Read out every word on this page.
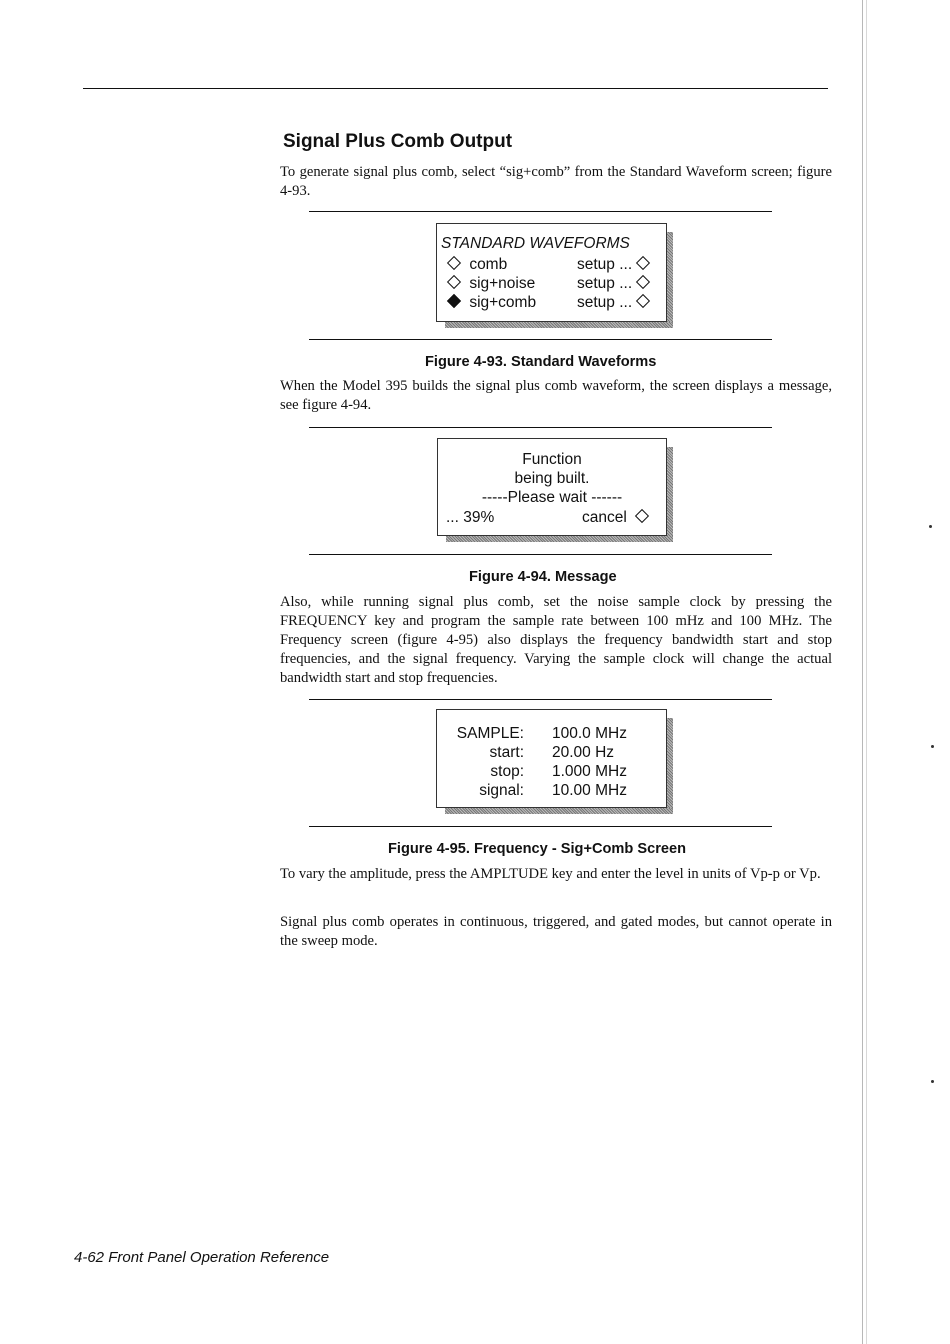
Signal Plus Comb Output

To generate signal plus comb, select “sig+comb” from the Standard Waveform screen; figure 4-93.

STANDARD WAVEFORMS
comb	setup ...
sig+noise	setup ...
sig+comb	setup ...

Figure 4-93. Standard Waveforms

When the Model 395 builds the signal plus comb waveform, the screen displays a message, see figure 4-94.

Function
being built.
-----Please wait ------
... 39%	cancel

Figure 4-94. Message

Also, while running signal plus comb, set the noise sample clock by pressing the FREQUENCY key and program the sample rate between 100 mHz and 100 MHz. The Frequency screen (figure 4-95) also displays the frequency bandwidth start and stop frequencies, and the signal frequency. Varying the sample clock will change the actual bandwidth start and stop frequencies.

SAMPLE: 100.0 MHz
start: 20.00 Hz
stop: 1.000 MHz
signal: 10.00 MHz

Figure 4-95. Frequency - Sig+Comb Screen

To vary the amplitude, press the AMPLTUDE key and enter the level in units of Vp-p or Vp.

Signal plus comb operates in continuous, triggered, and gated modes, but cannot operate in the sweep mode.

4-62 Front Panel Operation Reference
